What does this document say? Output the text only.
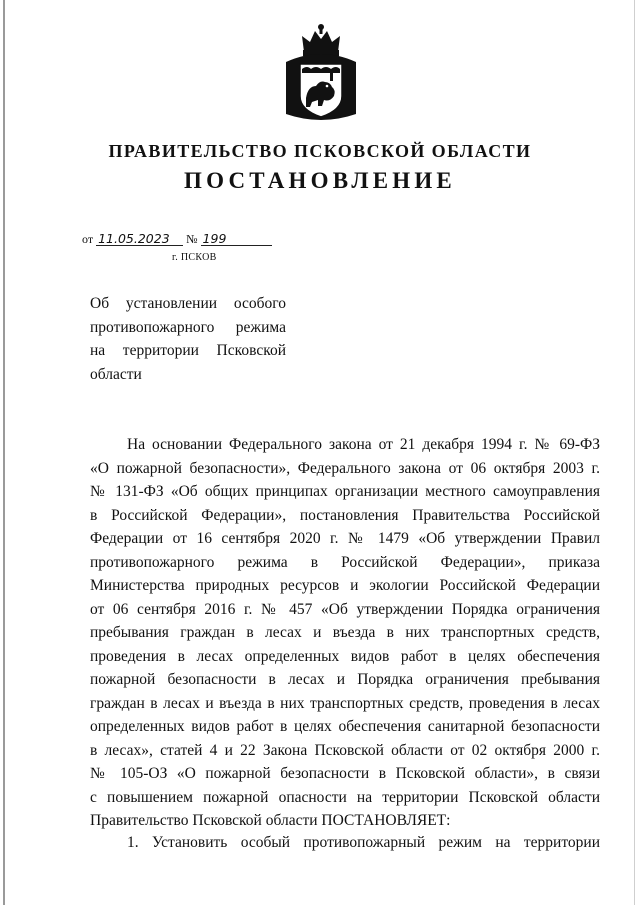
ПРАВИТЕЛЬСТВО ПСКОВСКОЙ ОБЛАСТИ
ПОСТАНОВЛЕНИЕ
от 11.05.2023 № 199
г. ПСКОВ
Об установлении особого
противопожарного режима
на территории Псковской
области
На основании Федерального закона от 21 декабря 1994 г. № 69-ФЗ
«О пожарной безопасности», Федерального закона от 06 октября 2003 г.
№ 131-ФЗ «Об общих принципах организации местного самоуправления
в Российской Федерации», постановления Правительства Российской
Федерации от 16 сентября 2020 г. № 1479 «Об утверждении Правил
противопожарного режима в Российской Федерации», приказа
Министерства природных ресурсов и экологии Российской Федерации
от 06 сентября 2016 г. № 457 «Об утверждении Порядка ограничения
пребывания граждан в лесах и въезда в них транспортных средств,
проведения в лесах определенных видов работ в целях обеспечения
пожарной безопасности в лесах и Порядка ограничения пребывания
граждан в лесах и въезда в них транспортных средств, проведения в лесах
определенных видов работ в целях обеспечения санитарной безопасности
в лесах», статей 4 и 22 Закона Псковской области от 02 октября 2000 г.
№ 105-ОЗ «О пожарной безопасности в Псковской области», в связи
с повышением пожарной опасности на территории Псковской области
Правительство Псковской области ПОСТАНОВЛЯЕТ:
1. Установить особый противопожарный режим на территории
